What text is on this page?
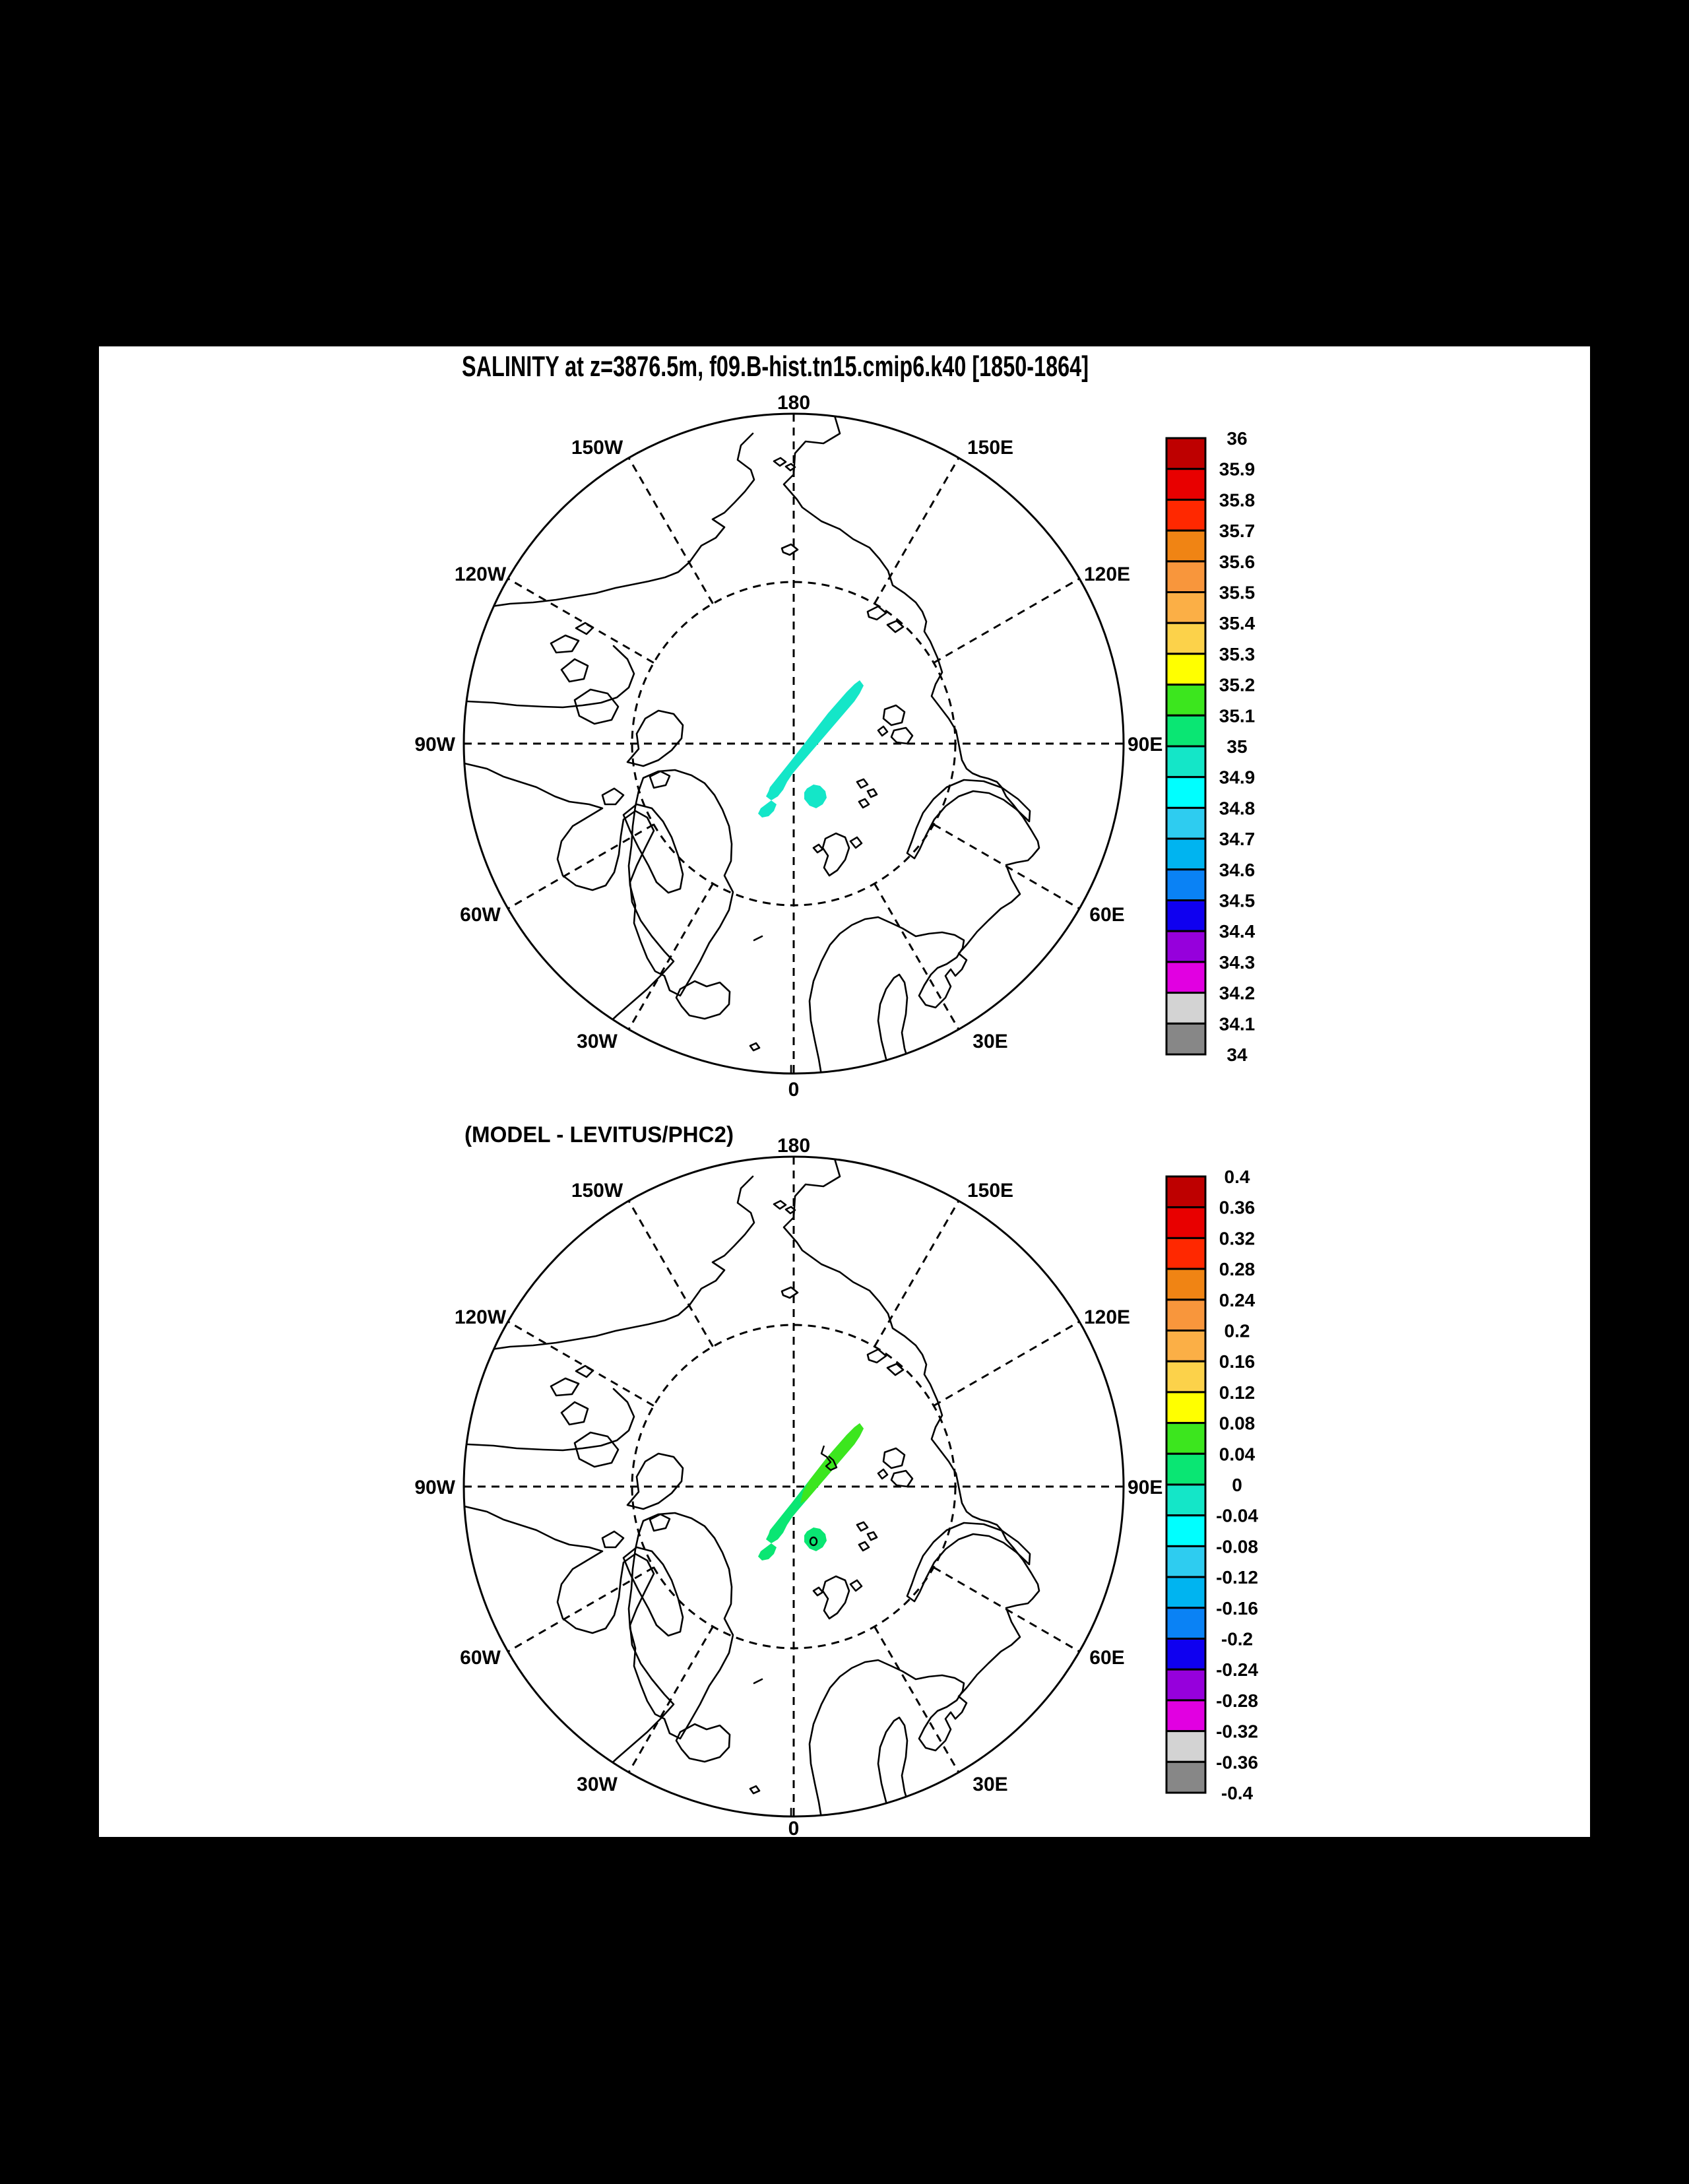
SALINITY at z=3876.5m, f09.B-hist.tn15.cmip6.k40 [1850-1864]
180
150E
120E
90E
60E
30E
0
30W
60W
90W
120W
150W	36
35.9
35.8
35.7
35.6
35.5
35.4
35.3
35.2
35.1
35
34.9
34.8
34.7
34.6
34.5
34.4
34.3
34.2
34.1
34
(MODEL - LEVITUS/PHC2) 180
150E
120E
90E
60E
30E
0
30W
60W
90W
120W
150W
0.4
0.36
0.32
0.28
0.24
0.2
0.16
0.12
0.08
0.04
0
-0.04
-0.08
-0.12
-0.16
-0.2
-0.24
-0.28
-0.32
-0.36
-0.4
